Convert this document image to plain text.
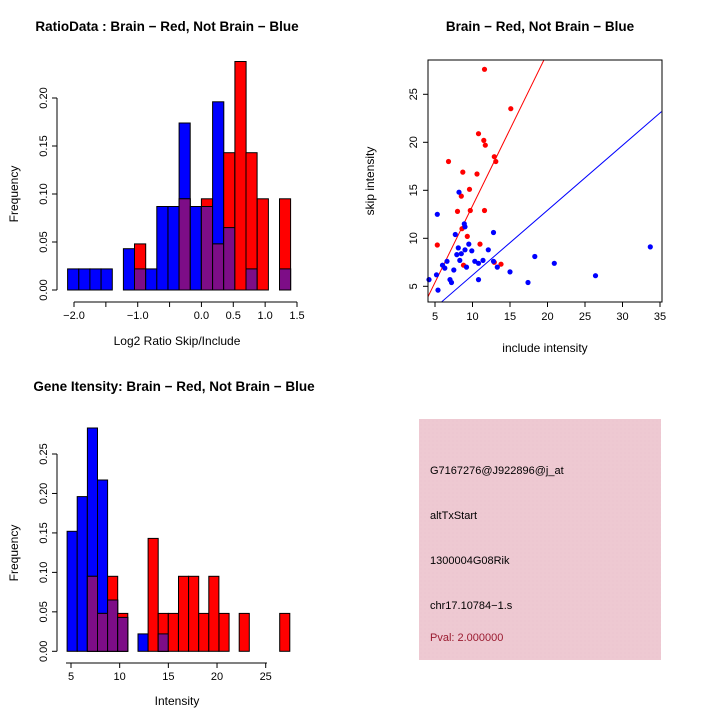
−2.0	−1.0	0.0 0.5 1.0 1.5
0.00
0.05
0.10
0.15
0.20
RatioData : Brain − Red, Not Brain − Blue
Log2 Ratio Skip/Include
Frequency
5	10 15 20 25 30 35
5
10
15
20
25
Brain − Red, Not Brain − Blue
include intensity
skip intensity
5	10	15	20	25
0.00
0.05
0.10
0.15
0.20
0.25
Gene Itensity: Brain − Red, Not Brain − Blue
Intensity
Frequency
G7167276@J922896@j_at
altTxStart
1300004G08Rik
chr17.10784−1.s
Pval: 2.000000
